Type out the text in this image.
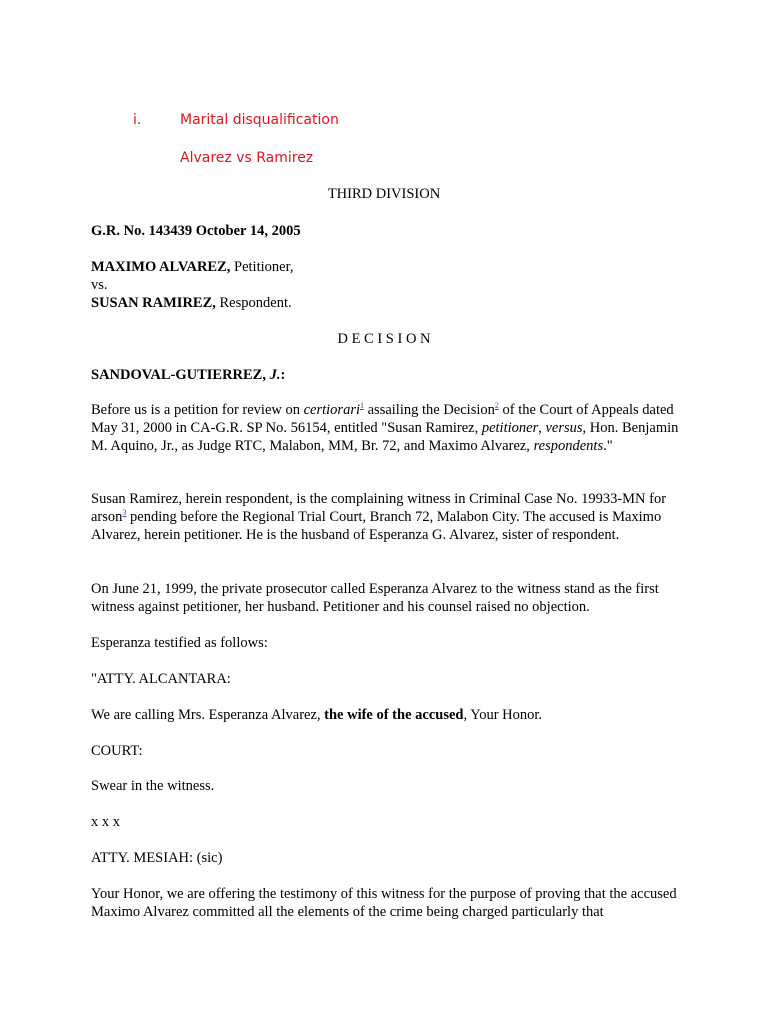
i.	Marital disqualification
Alvarez vs Ramirez
THIRD DIVISION
G.R. No. 143439 October 14, 2005

MAXIMO ALVAREZ, Petitioner,

vs.

SUSAN RAMIREZ, Respondent.

D E C I S I O N
SANDOVAL-GUTIERREZ, J.:
Before us is a petition for review on certiorari$^1$ assailing the Decision$^2$ of the Court of Appeals dated May 31, 2000 in CA-G.R. SP No. 56154, entitled "Susan Ramirez, petitioner, versus, Hon. Benjamin M. Aquino, Jr., as Judge RTC, Malabon, MM, Br. 72, and Maximo Alvarez, respondents."
Susan Ramirez, herein respondent, is the complaining witness in Criminal Case No. 19933-MN for arson$^3$ pending before the Regional Trial Court, Branch 72, Malabon City. The accused is Maximo Alvarez, herein petitioner. He is the husband of Esperanza G. Alvarez, sister of respondent.
On June 21, 1999, the private prosecutor called Esperanza Alvarez to the witness stand as the first witness against petitioner, her husband. Petitioner and his counsel raised no objection.
Esperanza testified as follows:
"ATTY. ALCANTARA:
We are calling Mrs. Esperanza Alvarez, the wife of the accused, Your Honor.
COURT:
Swear in the witness.
x x x
ATTY. MESIAH: (sic)
Your Honor, we are offering the testimony of this witness for the purpose of proving that the accused Maximo Alvarez committed all the elements of the crime being charged particularly that
